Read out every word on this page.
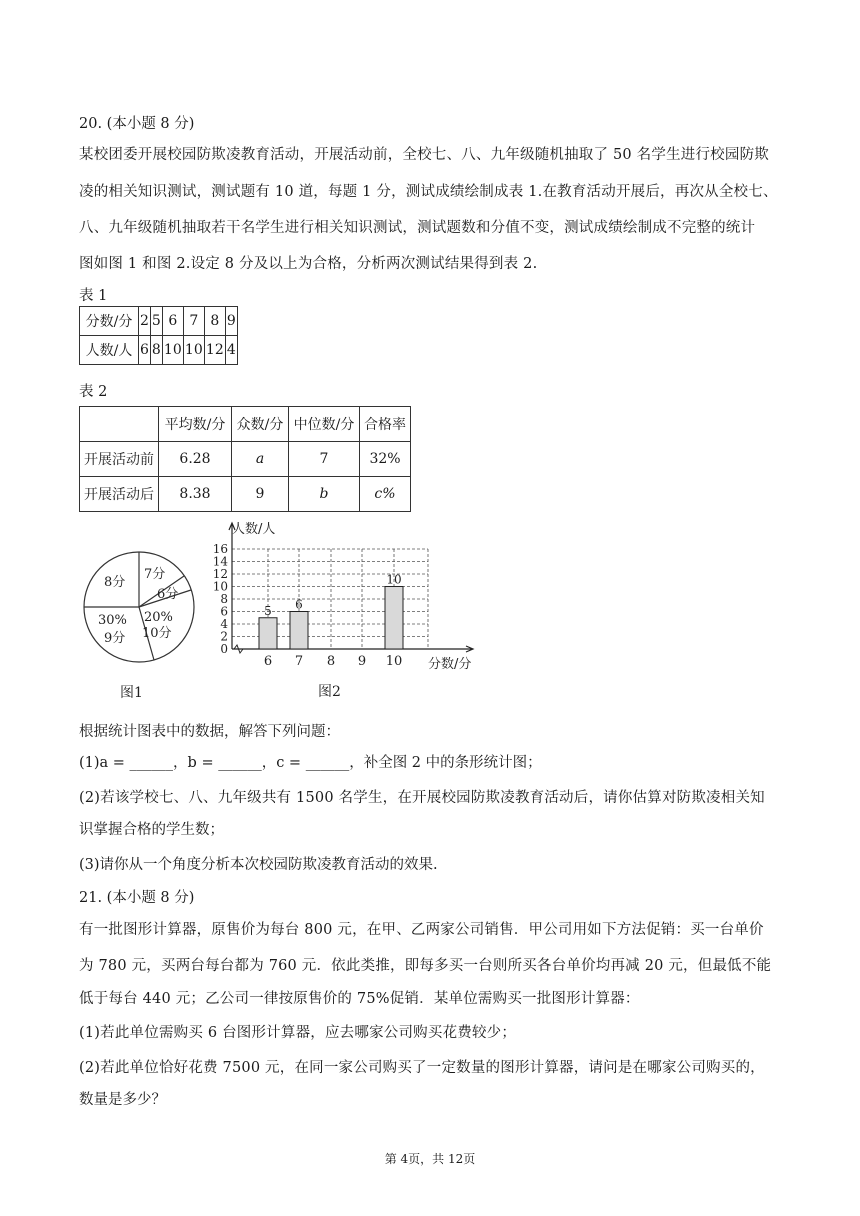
20. (本小题 8 分)
某校团委开展校园防欺凌教育活动，开展活动前，全校七、八、九年级随机抽取了 50 名学生进行校园防欺
凌的相关知识测试，测试题有 10 道，每题 1 分，测试成绩绘制成表 1.在教育活动开展后，再次从全校七、
八、九年级随机抽取若干名学生进行相关知识测试，测试题数和分值不变，测试成绩绘制成不完整的统计
图如图 1 和图 2.设定 8 分及以上为合格，分析两次测试结果得到表 2.
表 1
分数/分	2	5	6	7	8	9
人数/人	6	8	10	10	12	4
表 2
	平均数/分	众数/分	中位数/分	合格率
开展活动前	6.28	a	7	32%
开展活动后	8.38	9	b	c%
8分
7分
6分
20%
10分
30%
9分
图1
0
2
4
6
8
10
12
14
16
6 7 8 9 10
5 6
10
人数/人
分数/分
图2
根据统计图表中的数据，解答下列问题：
(1)a = ______，b = ______，c = ______，补全图 2 中的条形统计图；
(2)若该学校七、八、九年级共有 1500 名学生，在开展校园防欺凌教育活动后，请你估算对防欺凌相关知
识掌握合格的学生数；
(3)请你从一个角度分析本次校园防欺凌教育活动的效果.
21. (本小题 8 分)
有一批图形计算器，原售价为每台 800 元，在甲、乙两家公司销售．甲公司用如下方法促销：买一台单价
为 780 元，买两台每台都为 760 元．依此类推，即每多买一台则所买各台单价均再减 20 元，但最低不能
低于每台 440 元；乙公司一律按原售价的 75%促销．某单位需购买一批图形计算器：
(1)若此单位需购买 6 台图形计算器，应去哪家公司购买花费较少；
(2)若此单位恰好花费 7500 元，在同一家公司购买了一定数量的图形计算器，请问是在哪家公司购买的，
数量是多少？
第 4页，共 12页
